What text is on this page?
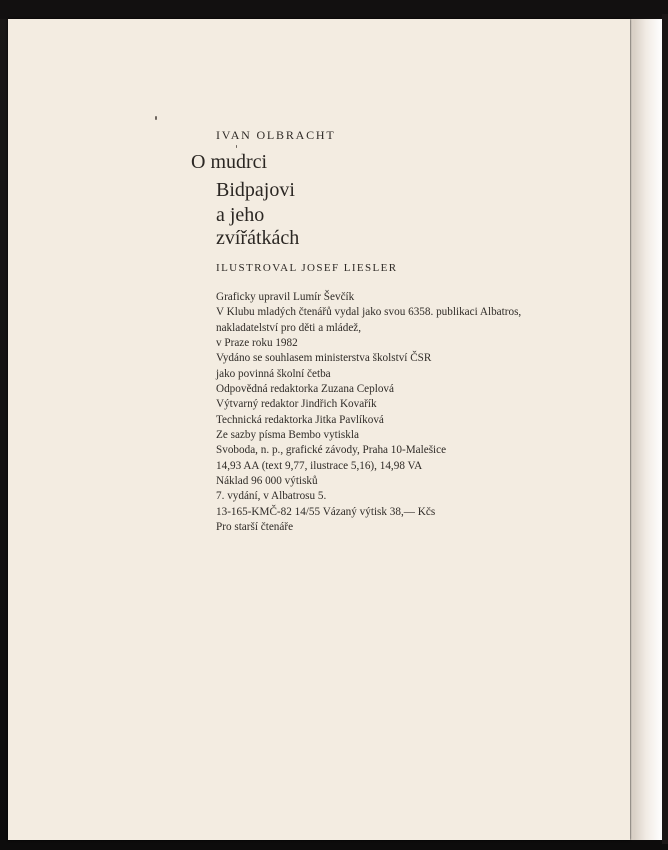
IVAN OLBRACHT
O mudrci
Bidpajovi
a jeho
zvířátkách
ILUSTROVAL JOSEF LIESLER
Graficky upravil Lumír Ševčík
V Klubu mladých čtenářů vydal jako svou 6358. publikaci Albatros,
nakladatelství pro děti a mládež,
v Praze roku 1982
Vydáno se souhlasem ministerstva školství ČSR
jako povinná školní četba
Odpovědná redaktorka Zuzana Ceplová
Výtvarný redaktor Jindřich Kovařík
Technická redaktorka Jitka Pavlíková
Ze sazby písma Bembo vytiskla
Svoboda, n. p., grafické závody, Praha 10-Malešice
14,93 AA (text 9,77, ilustrace 5,16), 14,98 VA
Náklad 96 000 výtisků
7. vydání, v Albatrosu 5.
13-165-KMČ-82 14/55 Vázaný výtisk 38,— Kčs
Pro starší čtenáře
